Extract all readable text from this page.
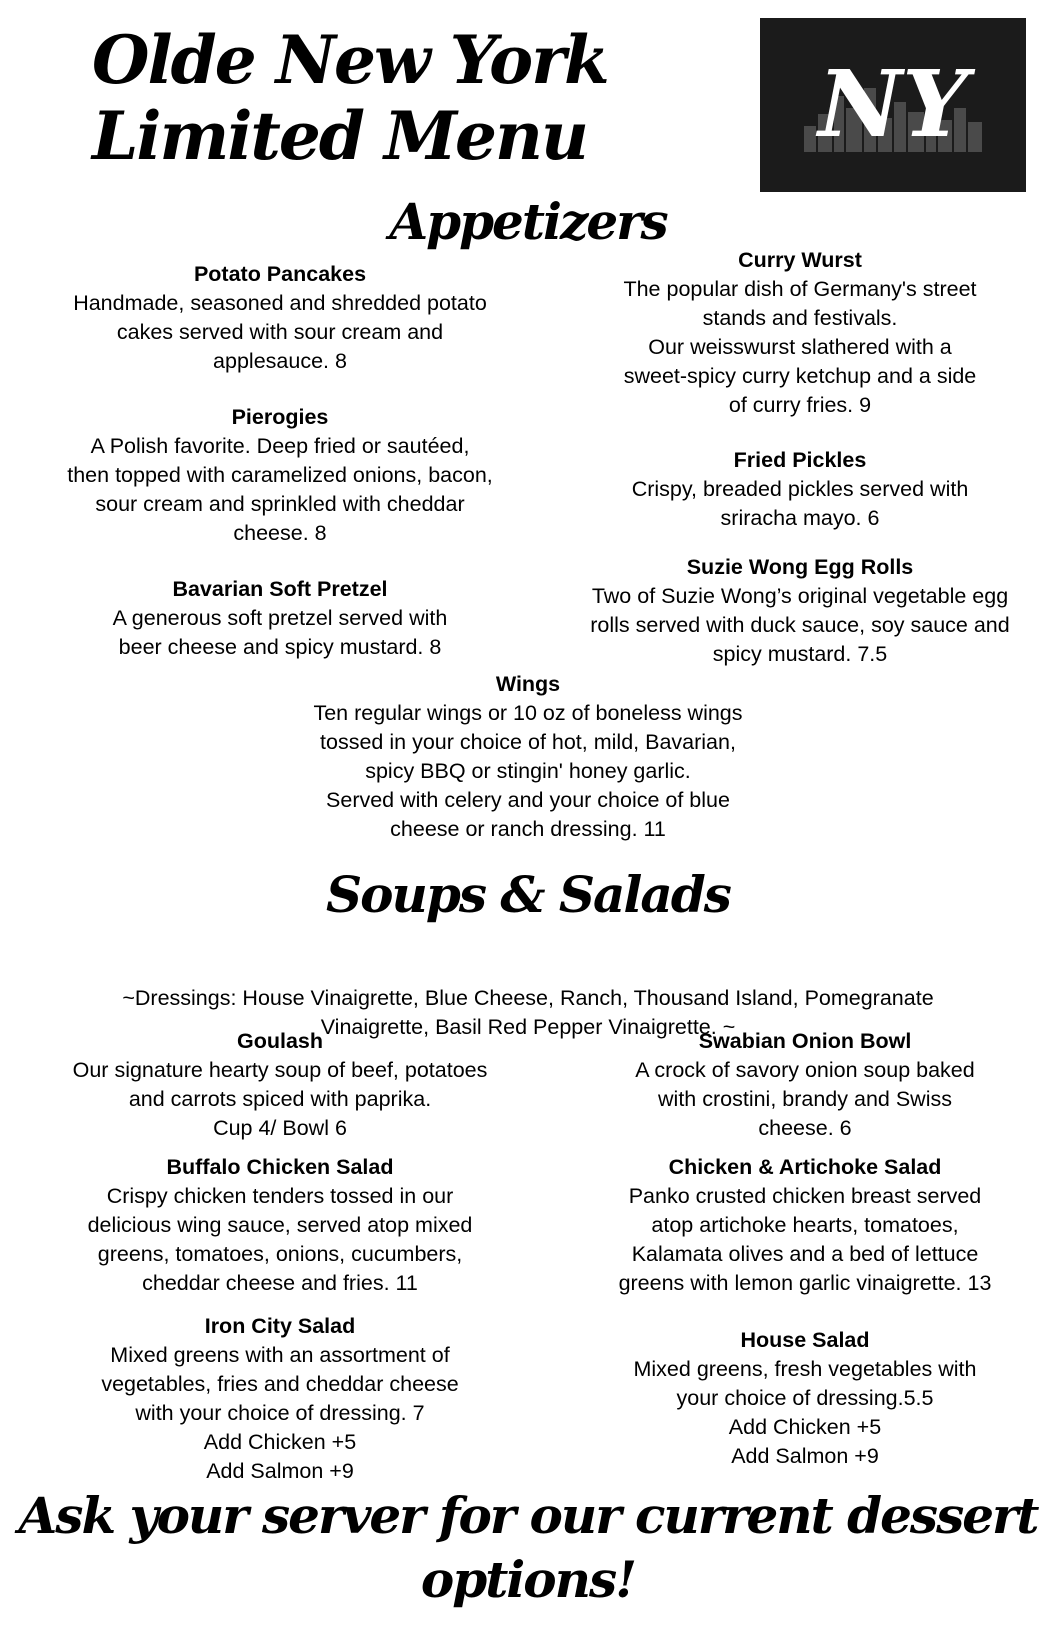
Olde New York
Limited Menu	NY
Appetizers
Potato Pancakes
Handmade, seasoned and shredded potato
cakes served with sour cream and
applesauce. 8
Pierogies
A Polish favorite. Deep fried or sautéed,
then topped with caramelized onions, bacon,
sour cream and sprinkled with cheddar
cheese. 8
Bavarian Soft Pretzel
A generous soft pretzel served with
beer cheese and spicy mustard. 8
Curry Wurst
The popular dish of Germany's street
stands and festivals.
Our weisswurst slathered with a
sweet-spicy curry ketchup and a side
of curry fries. 9
Fried Pickles
Crispy, breaded pickles served with
sriracha mayo. 6
Suzie Wong Egg Rolls
Two of Suzie Wong’s original vegetable egg
rolls served with duck sauce, soy sauce and
spicy mustard. 7.5
Wings
Ten regular wings or 10 oz of boneless wings
tossed in your choice of hot, mild, Bavarian,
spicy BBQ or stingin' honey garlic.
Served with celery and your choice of blue
cheese or ranch dressing. 11
Soups & Salads

~Dressings: House Vinaigrette, Blue Cheese, Ranch, Thousand Island, Pomegranate
Vinaigrette, Basil Red Pepper Vinaigrette. ~

Goulash
Our signature hearty soup of beef, potatoes
and carrots spiced with paprika.
Cup 4/ Bowl 6
Buffalo Chicken Salad
Crispy chicken tenders tossed in our
delicious wing sauce, served atop mixed
greens, tomatoes, onions, cucumbers,
cheddar cheese and fries. 11
Iron City Salad
Mixed greens with an assortment of
vegetables, fries and cheddar cheese
with your choice of dressing. 7
Add Chicken +5
Add Salmon +9
Swabian Onion Bowl
A crock of savory onion soup baked
with crostini, brandy and Swiss
cheese. 6
Chicken & Artichoke Salad
Panko crusted chicken breast served
atop artichoke hearts, tomatoes,
Kalamata olives and a bed of lettuce
greens with lemon garlic vinaigrette. 13
House Salad
Mixed greens, fresh vegetables with
your choice of dressing.5.5
Add Chicken +5
Add Salmon +9
Ask your server for our current dessert options!
